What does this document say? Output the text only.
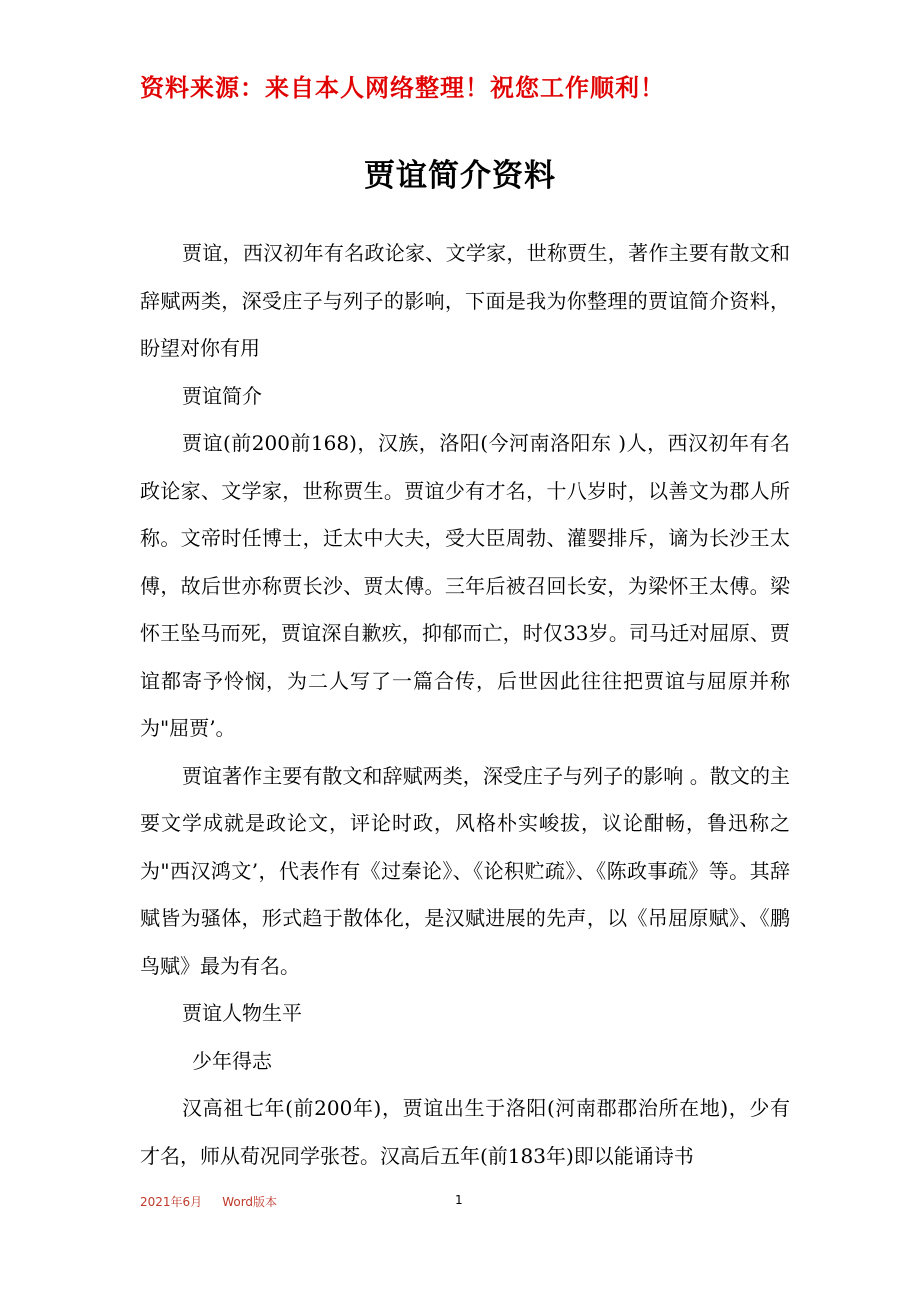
资料来源：来自本人网络整理！祝您工作顺利！
贾谊简介资料

贾谊，西汉初年有名政论家、文学家，世称贾生，著作主要有散文和辞赋两类，深受庄子与列子的影响，下面是我为你整理的贾谊简介资料，盼望对你有用

贾谊简介

贾谊(前200前168)，汉族，洛阳(今河南洛阳东 )人，西汉初年有名政论家、文学家，世称贾生。贾谊少有才名，十八岁时，以善文为郡人所称。文帝时任博士，迁太中大夫，受大臣周勃、灌婴排斥，谪为长沙王太傅，故后世亦称贾长沙、贾太傅。三年后被召回长安，为梁怀王太傅。梁怀王坠马而死，贾谊深自歉疚，抑郁而亡，时仅33岁。司马迁对屈原、贾谊都寄予怜悯，为二人写了一篇合传，后世因此往往把贾谊与屈原并称为"屈贾’。

贾谊著作主要有散文和辞赋两类，深受庄子与列子的影响 。散文的主要文学成就是政论文，评论时政，风格朴实峻拔，议论酣畅，鲁迅称之为"西汉鸿文’，代表作有《过秦论》、《论积贮疏》、《陈政事疏》等。其辞赋皆为骚体，形式趋于散体化，是汉赋进展的先声，以《吊屈原赋》、《鹏鸟赋》最为有名。

贾谊人物生平

少年得志

汉高祖七年(前200年)，贾谊出生于洛阳(河南郡郡治所在地)，少有才名，师从荀况同学张苍。汉高后五年(前183年)即以能诵诗书

2021年6月 Word版本	1
